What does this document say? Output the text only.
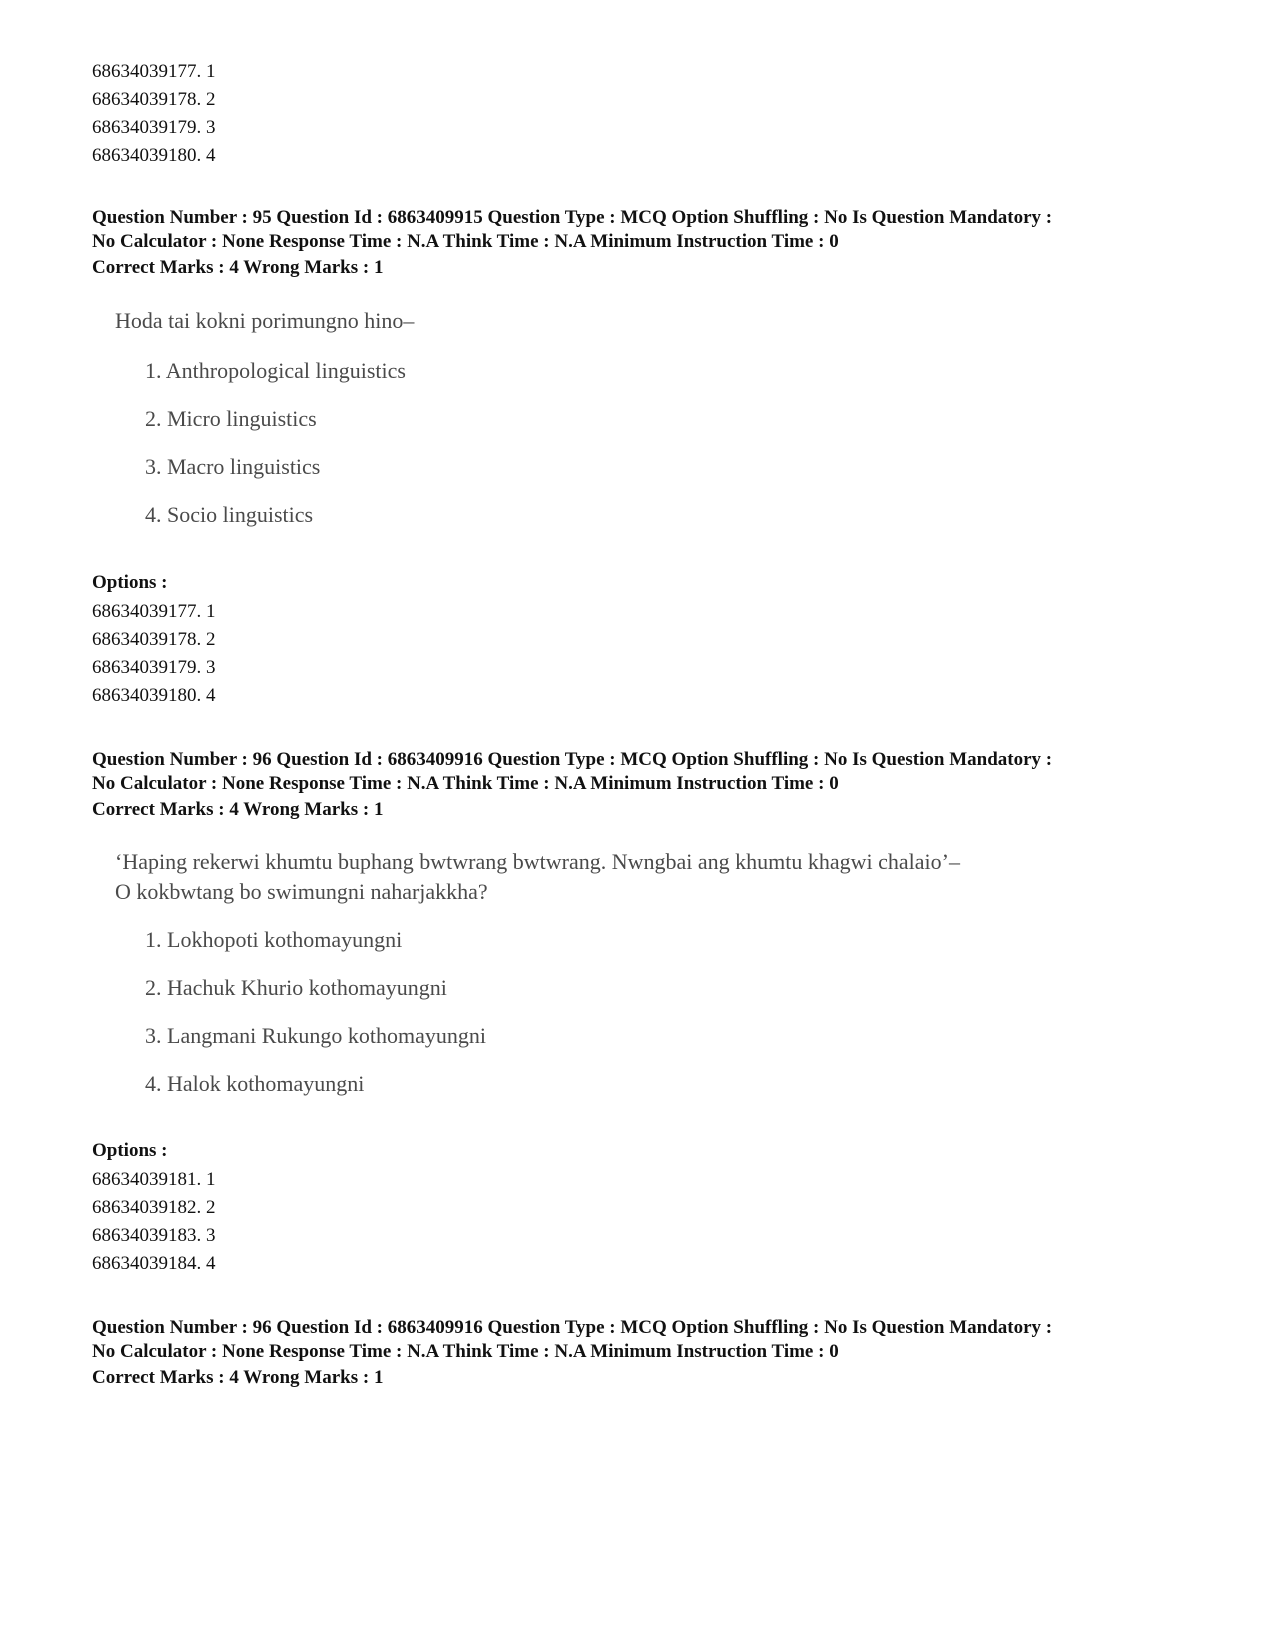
68634039177. 1
68634039178. 2
68634039179. 3
68634039180. 4
Question Number : 95 Question Id : 6863409915 Question Type : MCQ Option Shuffling : No Is Question Mandatory :
No Calculator : None Response Time : N.A Think Time : N.A Minimum Instruction Time : 0
Correct Marks : 4 Wrong Marks : 1
Hoda tai kokni porimungno hino–
1. Anthropological linguistics
2. Micro linguistics
3. Macro linguistics
4. Socio linguistics
Options :
68634039177. 1
68634039178. 2
68634039179. 3
68634039180. 4
Question Number : 96 Question Id : 6863409916 Question Type : MCQ Option Shuffling : No Is Question Mandatory :
No Calculator : None Response Time : N.A Think Time : N.A Minimum Instruction Time : 0
Correct Marks : 4 Wrong Marks : 1
‘Haping rekerwi khumtu buphang bwtwrang bwtwrang. Nwngbai ang khumtu khagwi chalaio’–
O kokbwtang bo swimungni naharjakkha?
1. Lokhopoti kothomayungni
2. Hachuk Khurio kothomayungni
3. Langmani Rukungo kothomayungni
4. Halok kothomayungni
Options :
68634039181. 1
68634039182. 2
68634039183. 3
68634039184. 4
Question Number : 96 Question Id : 6863409916 Question Type : MCQ Option Shuffling : No Is Question Mandatory :
No Calculator : None Response Time : N.A Think Time : N.A Minimum Instruction Time : 0
Correct Marks : 4 Wrong Marks : 1
